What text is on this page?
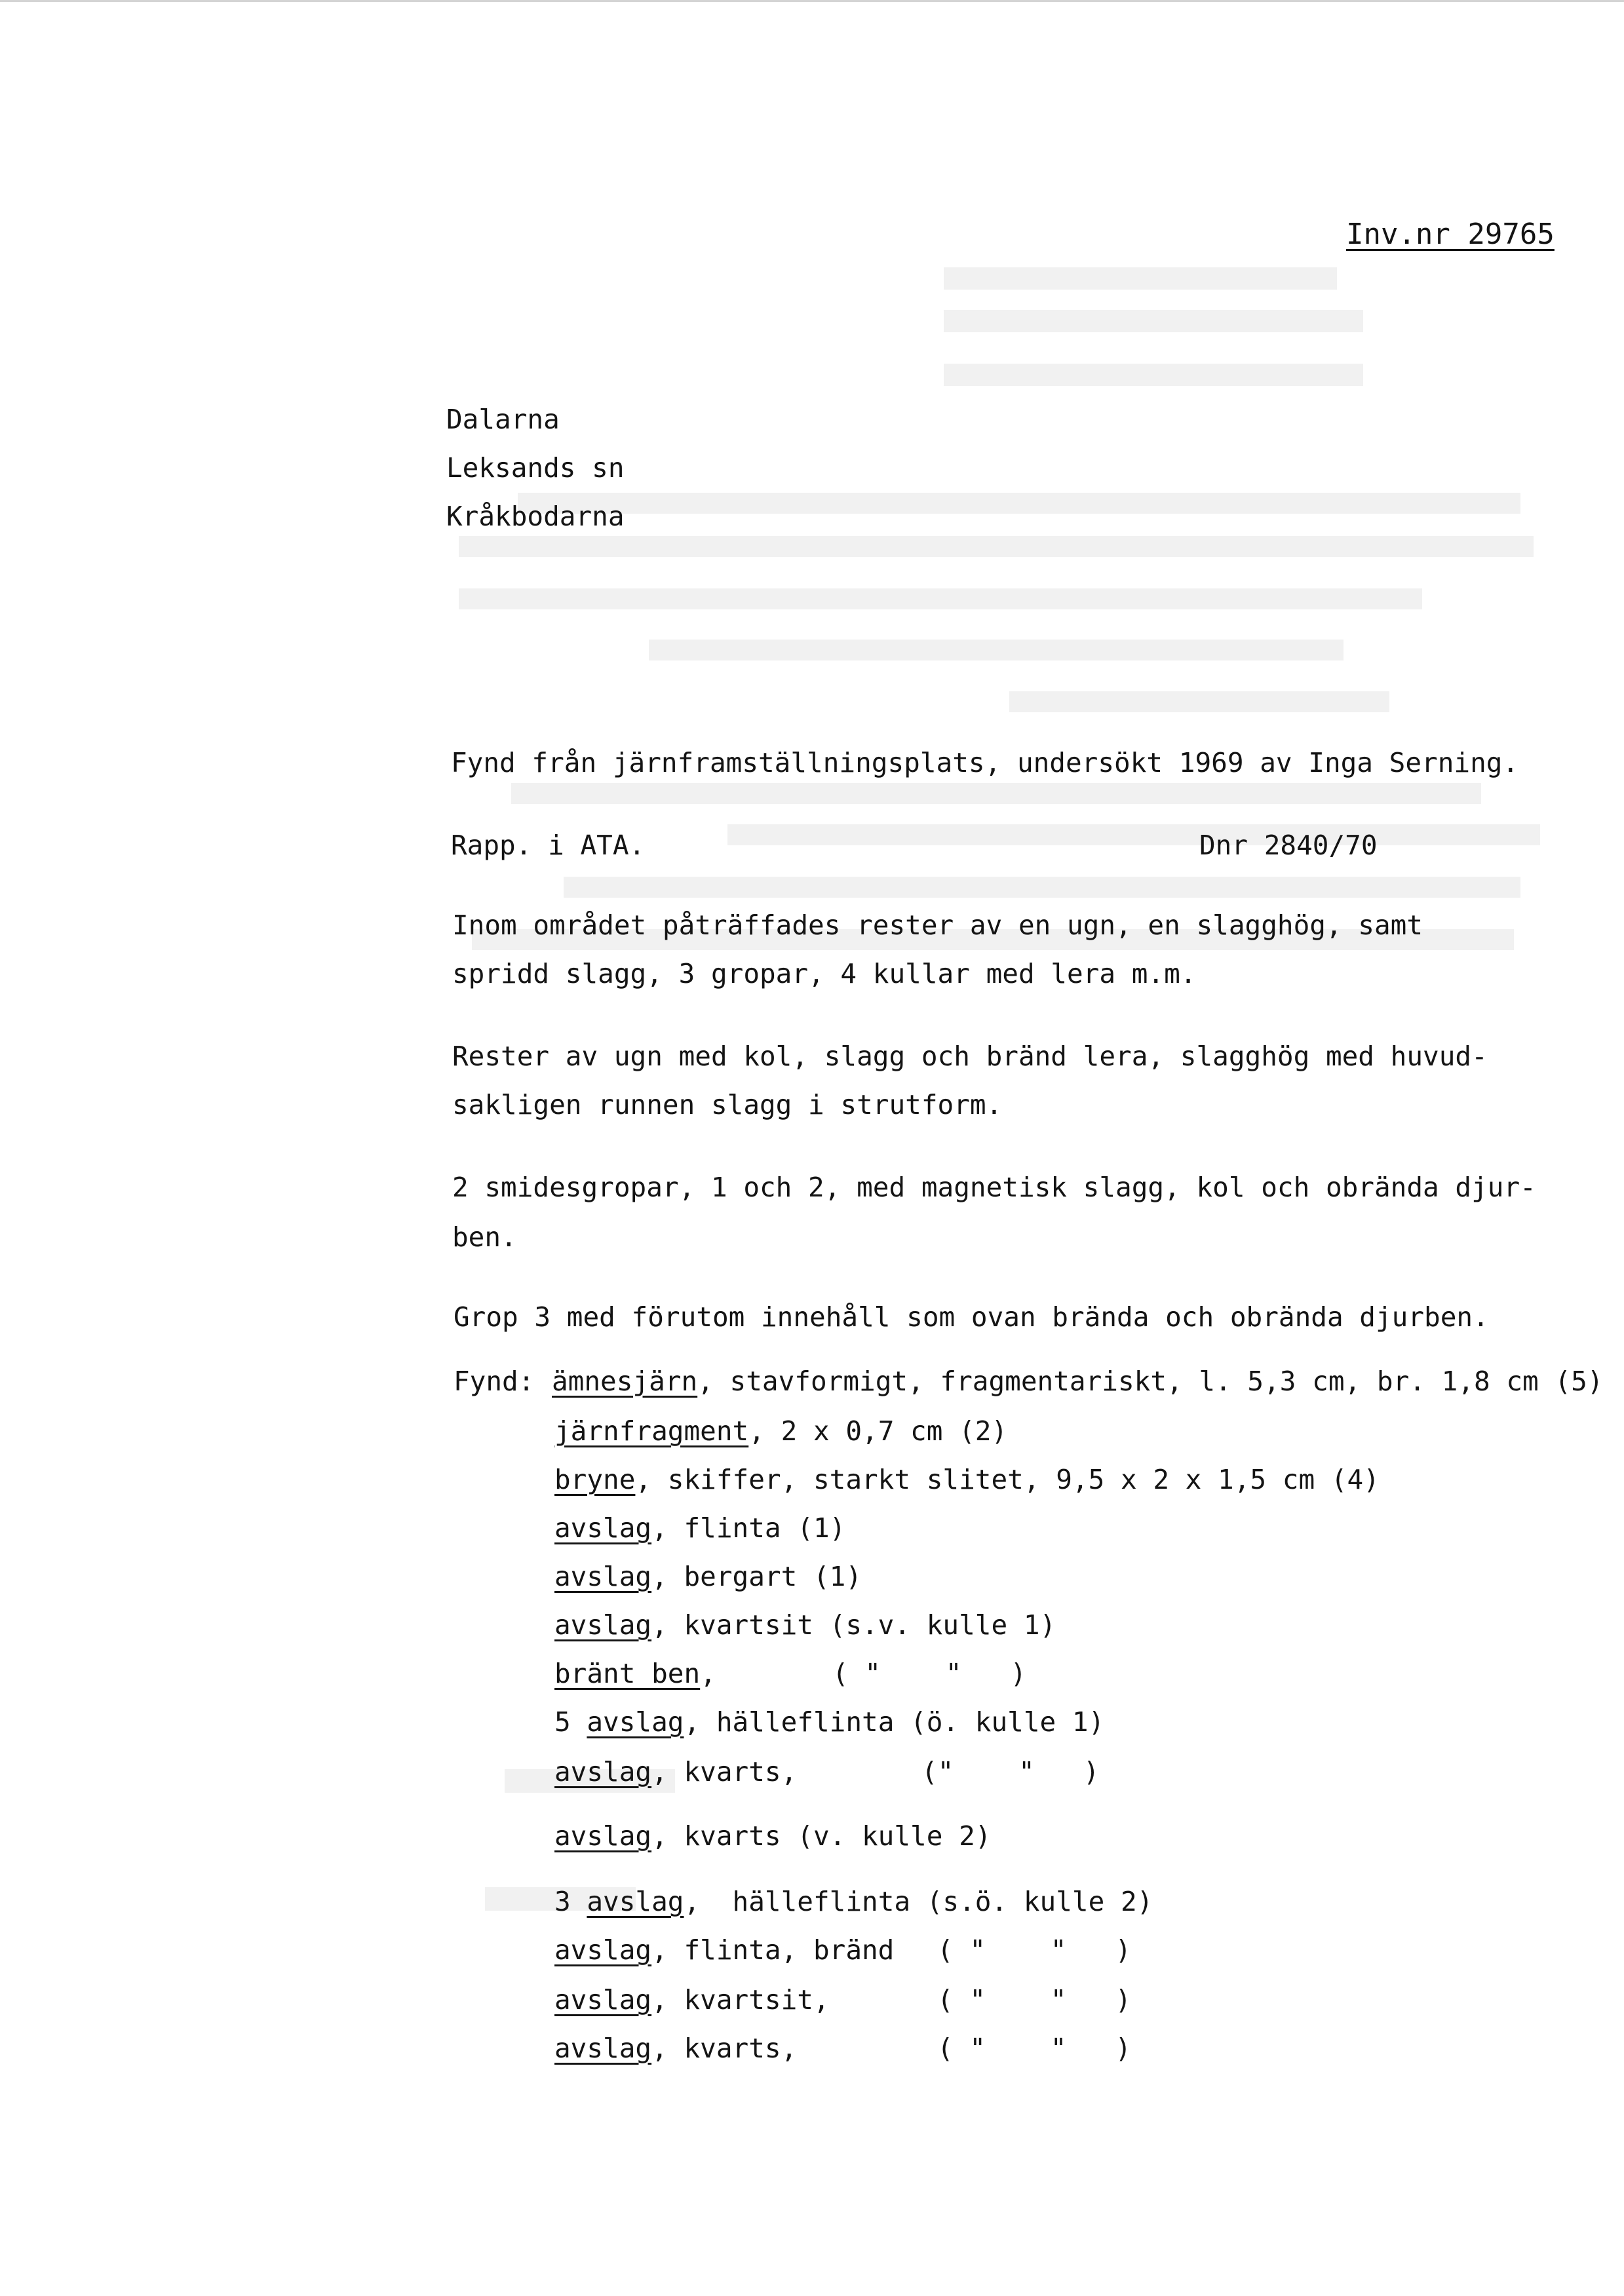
Inv.nr 29765

Dalarna
Leksands sn
Kråkbodarna
Fynd från järnframställningsplats, undersökt 1969 av Inga Serning.
Rapp. i ATA.	Dnr 2840/70
Inom området påträffades rester av en ugn, en slagghög, samt
spridd slagg, 3 gropar, 4 kullar med lera m.m.
Rester av ugn med kol, slagg och bränd lera, slagghög med huvud-
sakligen runnen slagg i strutform.
2 smidesgropar, 1 och 2, med magnetisk slagg, kol och obrända djur-
ben.
Grop 3 med förutom innehåll som ovan brända och obrända djurben.
Fynd: ämnesjärn, stavformigt, fragmentariskt, l. 5,3 cm, br. 1,8 cm (5)
järnfragment, 2 x 0,7 cm (2)
bryne, skiffer, starkt slitet, 9,5 x 2 x 1,5 cm (4)
avslag, flinta (1)
avslag, bergart (1)
avslag, kvartsit (s.v. kulle 1)
bränt ben,	( "    "   )
5 avslag, hälleflinta (ö. kulle 1)
avslag, kvarts,	("    "   )
avslag, kvarts (v. kulle 2)
3 avslag,  hälleflinta (s.ö. kulle 2)
avslag, flinta, bränd ( "    "   )
avslag, kvartsit,	( "    "   )
avslag, kvarts,	( "    "   )
